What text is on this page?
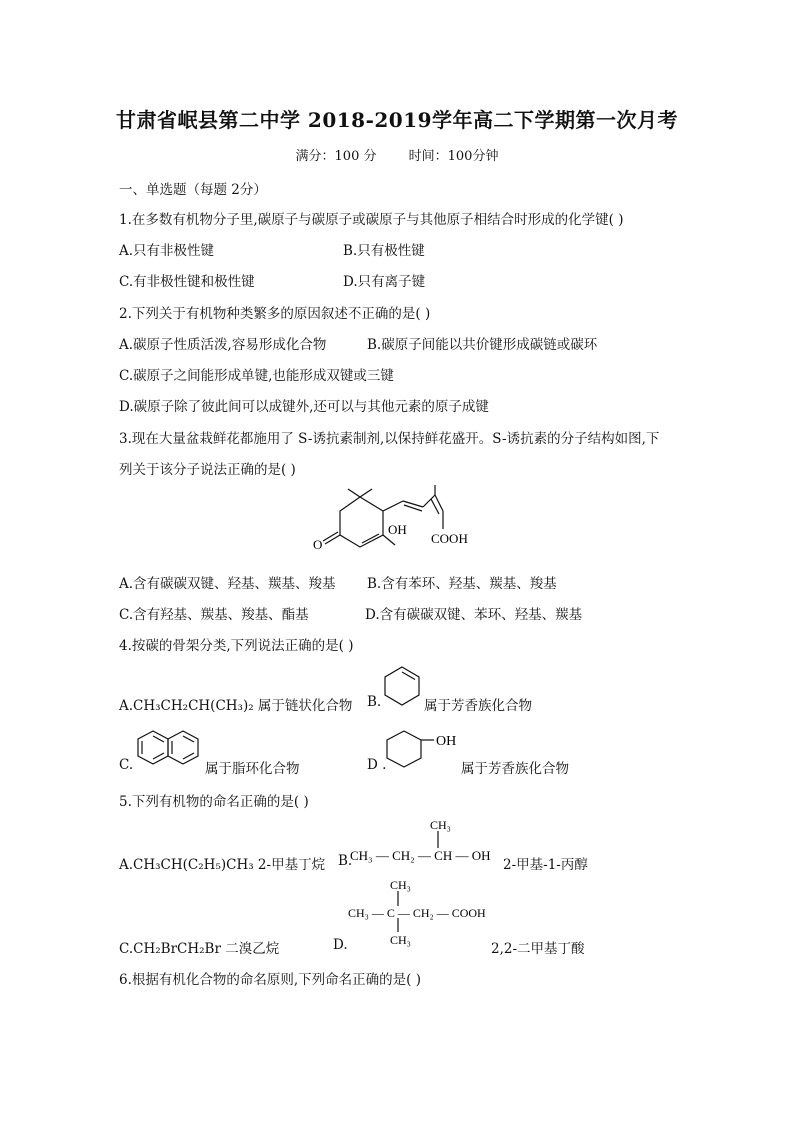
甘肃省岷县第二中学 2018-2019学年高二下学期第一次月考
满分：100 分 时间：100分钟
一、单选题（每题 2分）
1.在多数有机物分子里,碳原子与碳原子或碳原子与其他原子相结合时形成的化学键( )
A.只有非极性键	B.只有极性键
C.有非极性键和极性键	D.只有离子键
2.下列关于有机物种类繁多的原因叙述不正确的是( )
A.碳原子性质活泼,容易形成化合物	B.碳原子间能以共价键形成碳链或碳环
C.碳原子之间能形成单键,也能形成双键或三键
D.碳原子除了彼此间可以成键外,还可以与其他元素的原子成键
3.现在大量盆栽鲜花都施用了 S-诱抗素制剂,以保持鲜花盛开。S-诱抗素的分子结构如图,下
列关于该分子说法正确的是( )
OH
COOH
O
A.含有碳碳双键、羟基、羰基、羧基 B.含有苯环、羟基、羰基、羧基
C.含有羟基、羰基、羧基、酯基	D.含有碳碳双键、苯环、羟基、羰基
4.按碳的骨架分类,下列说法正确的是( )
A.CH₃CH₂CH(CH₃)₂ 属于链状化合物 B.	属于芳香族化合物
C.	属于脂环化合物	D .
OH
属于芳香族化合物
5.下列有机物的命名正确的是( )
A.CH₃CH(C₂H₅)CH₃ 2-甲基丁烷 B.
CH₃
CH₃ — CH₂ — CH — OH
2-甲基-1-丙醇
C.CH₂BrCH₂Br 二溴乙烷	D.
CH₃
CH₃ — C — CH₂ — COOH
CH₃
2,2-二甲基丁酸
6.根据有机化合物的命名原则,下列命名正确的是( )
